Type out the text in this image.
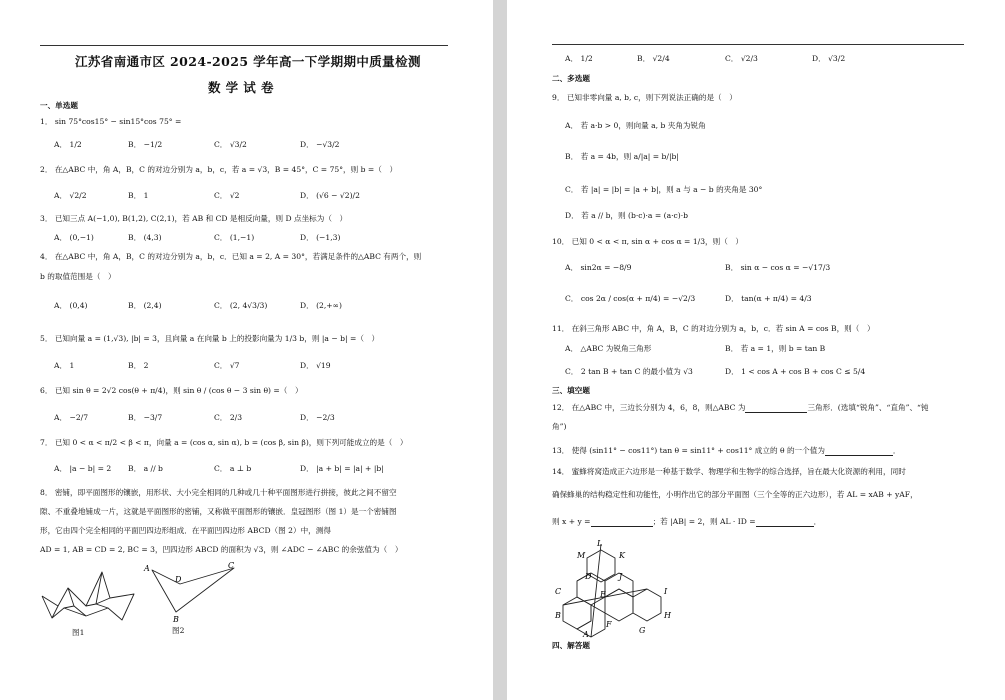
江苏省南通市区 2024-2025 学年高一下学期期中质量检测
数 学 试 卷
一、单选题
1． sin 75°cos15° − sin15°cos 75° =
A． 1/2	B． −1/2	C． √3/2	D． −√3/2
2． 在△ABC 中，角 A，B，C 的对边分别为 a，b，c，若 a = √3，B = 45°，C = 75°，则 b =（　）
A． √2/2	B． 1	C． √2	D． (√6 − √2)/2
3． 已知三点 A(−1,0), B(1,2), C(2,1)，若 AB 和 CD 是相反向量，则 D 点坐标为（　）
A． (0,−1)	B． (4,3)	C． (1,−1)	D． (−1,3)
4． 在△ABC 中，角 A，B，C 的对边分别为 a，b，c．已知 a = 2, A = 30°，若满足条件的△ABC 有两个，则
b 的取值范围是（　）
A． (0,4)	B． (2,4)	C． (2, 4√3/3)	D． (2,+∞)
5． 已知向量 a = (1,√3), |b| = 3，且向量 a 在向量 b 上的投影向量为 1/3 b，则 |a − b| =（　）
A． 1	B． 2	C． √7	D． √19
6． 已知 sin θ = 2√2 cos(θ + π/4)，则 sin θ / (cos θ − 3 sin θ) =（　）
A． −2/7	B． −3/7	C． 2/3	D． −2/3
7． 已知 0 < α < π/2 < β < π，向量 a = (cos α, sin α), b = (cos β, sin β)，则下列可能成立的是（　）
A． |a − b| = 2 B． a // b	C． a ⊥ b	D． |a + b| = |a| + |b|
8． 密铺，即平面图形的镶嵌，用形状、大小完全相同的几种或几十种平面图形进行拼接，彼此之间不留空
隙、不重叠地铺成一片，这就是平面图形的密铺，又称做平面图形的镶嵌．皇冠图形（图 1）是一个密铺图
形，它由四个完全相同的平面凹四边形组成．在平面凹四边形 ABCD（图 2）中，测得
AD = 1, AB = CD = 2, BC = 3，凹四边形 ABCD 的面积为 √3，则 ∠ADC − ∠ABC 的余弦值为（　）
图1
A
D
C
B
图2
A． 1/2	B． √2/4	C． √2/3	D． √3/2
二、多选题
9． 已知非零向量 a, b, c，则下列说法正确的是（　）
A． 若 a·b > 0，则向量 a, b 夹角为锐角
B． 若 a = 4b，则 a/|a| = b/|b|
C． 若 |a| = |b| = |a + b|，则 a 与 a − b 的夹角是 30°
D． 若 a // b，则 (b·c)·a = (a·c)·b
10． 已知 0 < α < π, sin α + cos α = 1/3，则（　）
A． sin2α = −8/9	B． sin α − cos α = −√17/3
C． cos 2α / cos(α + π/4) = −√2/3	D． tan(α + π/4) = 4/3
11． 在斜三角形 ABC 中，角 A，B，C 的对边分别为 a，b，c．若 sin A = cos B，则（　）
A． △ABC 为锐角三角形	B． 若 a = 1，则 b = tan B
C． 2 tan B + tan C 的最小值为 √3	D． 1 < cos A + cos B + cos C ≤ 5/4
三、填空题
12． 在△ABC 中，三边长分别为 4，6，8，则△ABC 为	三角形．(选填“锐角”、“直角”、“钝
角”)
13． 使得 (sin11° − cos11°) tan θ = sin11° + cos11° 成立的 θ 的一个值为	．
14． 蜜蜂将窝造成正六边形是一种基于数学、物理学和生物学的综合选择，旨在最大化资源的利用，同时
确保蜂巢的结构稳定性和功能性，小明作出它的部分平面图（三个全等的正六边形），若 AL = xAB + yAF，
则 x + y =	；若 |AB| = 2，则 AL · ID =	．
L
K
M
D	J
C	E	I
B	H
A
F
G
四、解答题
